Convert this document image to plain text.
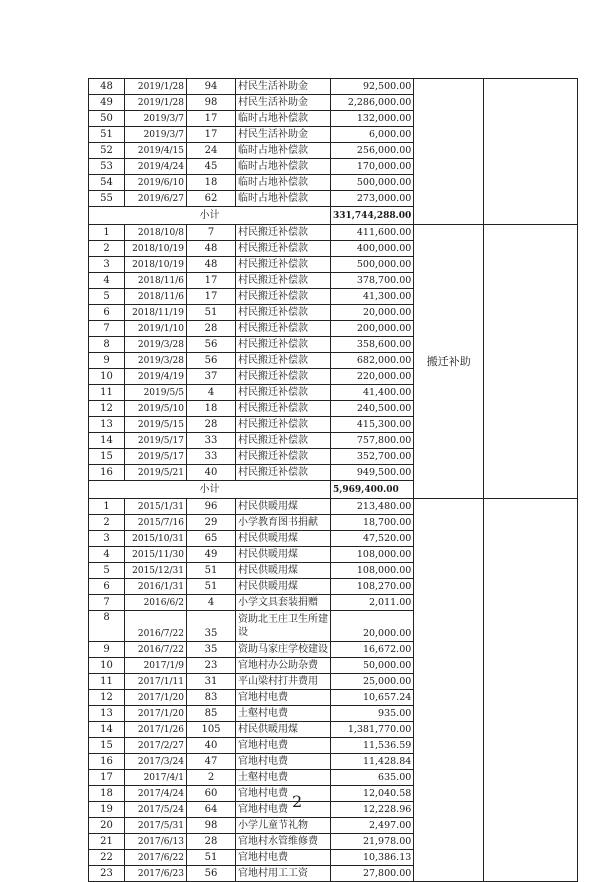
48	2019/1/28	94	村民生活补助金	92,500.00		
49	2019/1/28	98	村民生活补助金	2,286,000.00		
50	2019/3/7	17	临时占地补偿款	132,000.00		
51	2019/3/7	17	村民生活补助金	6,000.00		
52	2019/4/15	24	临时占地补偿款	256,000.00		
53	2019/4/24	45	临时占地补偿款	170,000.00		
54	2019/6/10	18	临时占地补偿款	500,000.00		
55	2019/6/27	62	临时占地补偿款	273,000.00		
小计				331,744,288.00		
1	2018/10/8	7	村民搬迁补偿款	411,600.00	搬迁补助	
2	2018/10/19	48	村民搬迁补偿款	400,000.00		
3	2018/10/19	48	村民搬迁补偿款	500,000.00		
4	2018/11/6	17	村民搬迁补偿款	378,700.00		
5	2018/11/6	17	村民搬迁补偿款	41,300.00		
6	2018/11/19	51	村民搬迁补偿款	20,000.00		
7	2019/1/10	28	村民搬迁补偿款	200,000.00		
8	2019/3/28	56	村民搬迁补偿款	358,600.00		
9	2019/3/28	56	村民搬迁补偿款	682,000.00		
10	2019/4/19	37	村民搬迁补偿款	220,000.00		
11	2019/5/5	4	村民搬迁补偿款	41,400.00		
12	2019/5/10	18	村民搬迁补偿款	240,500.00		
13	2019/5/15	28	村民搬迁补偿款	415,300.00		
14	2019/5/17	33	村民搬迁补偿款	757,800.00		
15	2019/5/17	33	村民搬迁补偿款	352,700.00		
16	2019/5/21	40	村民搬迁补偿款	949,500.00		
小计				5,969,400.00		
1	2015/1/31	96	村民供暖用煤	213,480.00		
2	2015/7/16	29	小学教育图书捐献	18,700.00		
3	2015/10/31	65	村民供暖用煤	47,520.00		
4	2015/11/30	49	村民供暖用煤	108,000.00		
5	2015/12/31	51	村民供暖用煤	108,000.00		
6	2016/1/31	51	村民供暖用煤	108,270.00		
7	2016/6/2	4	小学文具套装捐赠	2,011.00		
8	2016/7/22	35	资助北王庄卫生所建设	20,000.00		
9	2016/7/22	35	资助马家庄学校建设	16,672.00		
10	2017/1/9	23	官地村办公助杂费	50,000.00		
11	2017/1/11	31	平山梁村打井费用	25,000.00		
12	2017/1/20	83	官地村电费	10,657.24		
13	2017/1/20	85	土壑村电费	935.00		
14	2017/1/26	105	村民供暖用煤	1,381,770.00		
15	2017/2/27	40	官地村电费	11,536.59		
16	2017/3/24	47	官地村电费	11,428.84		
17	2017/4/1	2	土壑村电费	635.00		
18	2017/4/24	60	官地村电费	12,040.58		
19	2017/5/24	64	官地村电费	12,228.96		
20	2017/5/31	98	小学儿童节礼物	2,497.00		
21	2017/6/13	28	官地村水管维修费	21,978.00		
22	2017/6/22	51	官地村电费	10,386.13		
23	2017/6/23	56	官地村用工工资	27,800.00		
2
